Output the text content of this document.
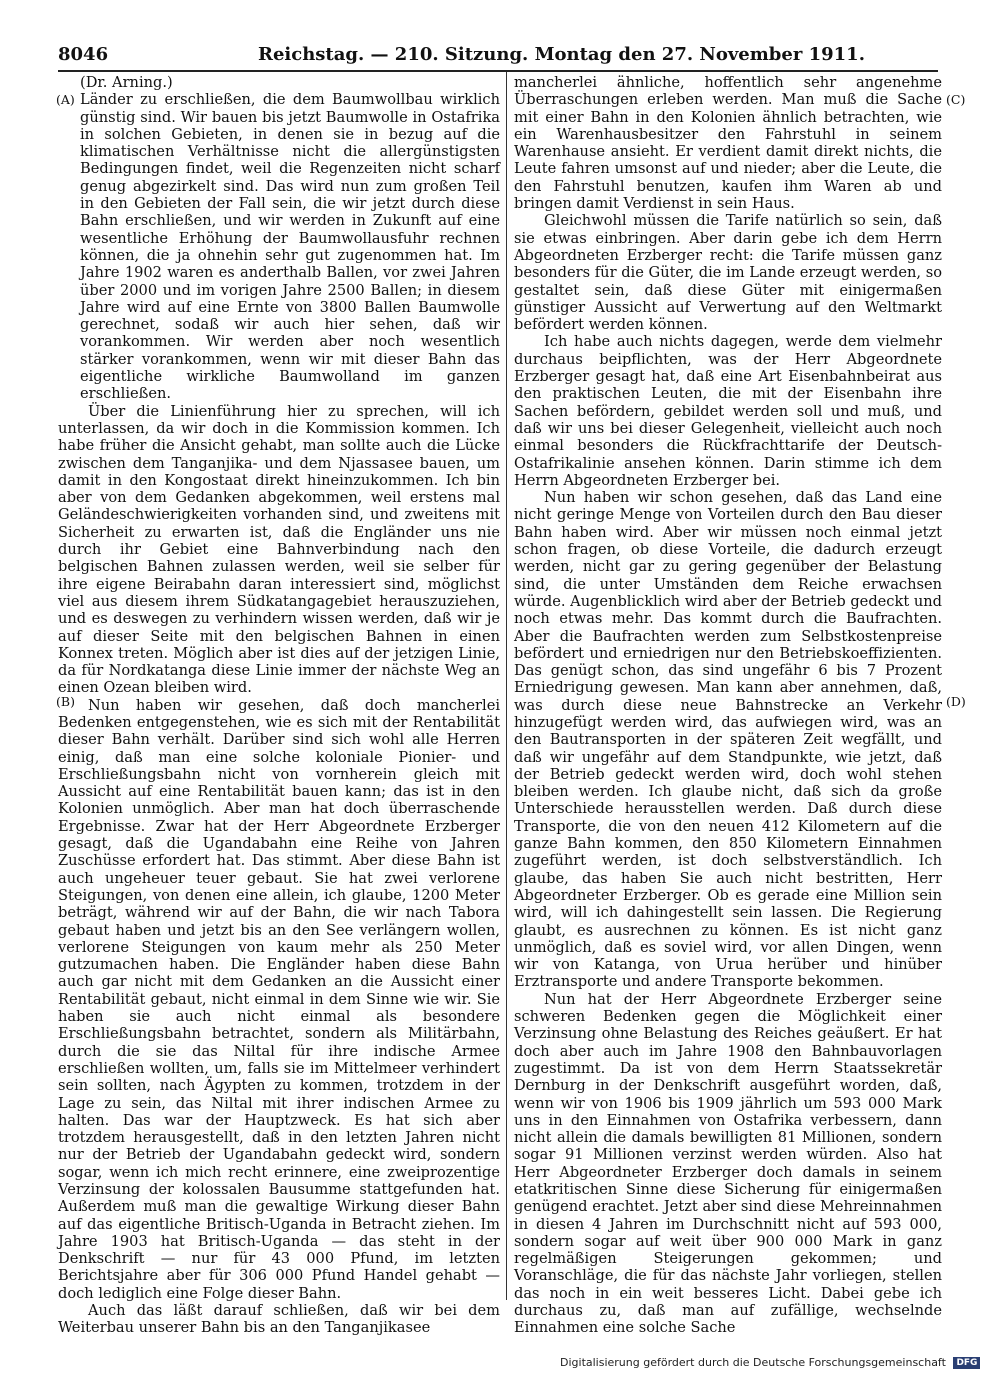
8046	Reichstag. — 210. Sitzung. Montag den 27. November 1911.
(A)
(B)
(C)
(D)
(Dr. Arning.)

Länder zu erschließen, die dem Baumwollbau wirklich günstig sind. Wir bauen bis jetzt Baumwolle in Ostafrika in solchen Gebieten, in denen sie in bezug auf die klimatischen Verhältnisse nicht die allergünstigsten Bedingungen findet, weil die Regenzeiten nicht scharf genug abgezirkelt sind. Das wird nun zum großen Teil in den Gebieten der Fall sein, die wir jetzt durch diese Bahn erschließen, und wir werden in Zukunft auf eine wesentliche Erhöhung der Baumwollausfuhr rechnen können, die ja ohnehin sehr gut zugenommen hat. Im Jahre 1902 waren es anderthalb Ballen, vor zwei Jahren über 2000 und im vorigen Jahre 2500 Ballen; in diesem Jahre wird auf eine Ernte von 3800 Ballen Baumwolle gerechnet, sodaß wir auch hier sehen, daß wir vorankommen. Wir werden aber noch wesentlich stärker vorankommen, wenn wir mit dieser Bahn das eigentliche wirkliche Baumwolland im ganzen erschließen.

Über die Linienführung hier zu sprechen, will ich unterlassen, da wir doch in die Kommission kommen. Ich habe früher die Ansicht gehabt, man sollte auch die Lücke zwischen dem Tanganjika- und dem Njassasee bauen, um damit in den Kongostaat direkt hineinzukommen. Ich bin aber von dem Gedanken abgekommen, weil erstens mal Geländeschwierigkeiten vorhanden sind, und zweitens mit Sicherheit zu erwarten ist, daß die Engländer uns nie durch ihr Gebiet eine Bahnverbindung nach den belgischen Bahnen zulassen werden, weil sie selber für ihre eigene Beirabahn daran interessiert sind, möglichst viel aus diesem ihrem Südkatangagebiet herauszuziehen, und es deswegen zu verhindern wissen werden, daß wir je auf dieser Seite mit den belgischen Bahnen in einen Konnex treten. Möglich aber ist dies auf der jetzigen Linie, da für Nordkatanga diese Linie immer der nächste Weg an einen Ozean bleiben wird.

Nun haben wir gesehen, daß doch mancherlei Bedenken entgegenstehen, wie es sich mit der Rentabilität dieser Bahn verhält. Darüber sind sich wohl alle Herren einig, daß man eine solche koloniale Pionier- und Erschließungsbahn nicht von vornherein gleich mit Aussicht auf eine Rentabilität bauen kann; das ist in den Kolonien unmöglich. Aber man hat doch überraschende Ergebnisse. Zwar hat der Herr Abgeordnete Erzberger gesagt, daß die Ugandabahn eine Reihe von Jahren Zuschüsse erfordert hat. Das stimmt. Aber diese Bahn ist auch ungeheuer teuer gebaut. Sie hat zwei verlorene Steigungen, von denen eine allein, ich glaube, 1200 Meter beträgt, während wir auf der Bahn, die wir nach Tabora gebaut haben und jetzt bis an den See verlängern wollen, verlorene Steigungen von kaum mehr als 250 Meter gutzumachen haben. Die Engländer haben diese Bahn auch gar nicht mit dem Gedanken an die Aussicht einer Rentabilität gebaut, nicht einmal in dem Sinne wie wir. Sie haben sie auch nicht einmal als besondere Erschließungsbahn betrachtet, sondern als Militärbahn, durch die sie das Niltal für ihre indische Armee erschließen wollten, um, falls sie im Mittelmeer verhindert sein sollten, nach Ägypten zu kommen, trotzdem in der Lage zu sein, das Niltal mit ihrer indischen Armee zu halten. Das war der Hauptzweck. Es hat sich aber trotzdem herausgestellt, daß in den letzten Jahren nicht nur der Betrieb der Ugandabahn gedeckt wird, sondern sogar, wenn ich mich recht erinnere, eine zweiprozentige Verzinsung der kolossalen Bausumme stattgefunden hat. Außerdem muß man die gewaltige Wirkung dieser Bahn auf das eigentliche Britisch-Uganda in Betracht ziehen. Im Jahre 1903 hat Britisch-Uganda — das steht in der Denkschrift — nur für 43 000 Pfund, im letzten Berichtsjahre aber für 306 000 Pfund Handel gehabt — doch lediglich eine Folge dieser Bahn.

Auch das läßt darauf schließen, daß wir bei dem Weiterbau unserer Bahn bis an den Tanganjikasee

mancherlei ähnliche, hoffentlich sehr angenehme Überraschungen erleben werden. Man muß die Sache mit einer Bahn in den Kolonien ähnlich betrachten, wie ein Warenhausbesitzer den Fahrstuhl in seinem Warenhause ansieht. Er verdient damit direkt nichts, die Leute fahren umsonst auf und nieder; aber die Leute, die den Fahrstuhl benutzen, kaufen ihm Waren ab und bringen damit Verdienst in sein Haus.

Gleichwohl müssen die Tarife natürlich so sein, daß sie etwas einbringen. Aber darin gebe ich dem Herrn Abgeordneten Erzberger recht: die Tarife müssen ganz besonders für die Güter, die im Lande erzeugt werden, so gestaltet sein, daß diese Güter mit einigermaßen günstiger Aussicht auf Verwertung auf den Weltmarkt befördert werden können.

Ich habe auch nichts dagegen, werde dem vielmehr durchaus beipflichten, was der Herr Abgeordnete Erzberger gesagt hat, daß eine Art Eisenbahnbeirat aus den praktischen Leuten, die mit der Eisenbahn ihre Sachen befördern, gebildet werden soll und muß, und daß wir uns bei dieser Gelegenheit, vielleicht auch noch einmal besonders die Rückfrachttarife der Deutsch-Ostafrikalinie ansehen können. Darin stimme ich dem Herrn Abgeordneten Erzberger bei.

Nun haben wir schon gesehen, daß das Land eine nicht geringe Menge von Vorteilen durch den Bau dieser Bahn haben wird. Aber wir müssen noch einmal jetzt schon fragen, ob diese Vorteile, die dadurch erzeugt werden, nicht gar zu gering gegenüber der Belastung sind, die unter Umständen dem Reiche erwachsen würde. Augenblicklich wird aber der Betrieb gedeckt und noch etwas mehr. Das kommt durch die Baufrachten. Aber die Baufrachten werden zum Selbstkostenpreise befördert und erniedrigen nur den Betriebskoeffizienten. Das genügt schon, das sind ungefähr 6 bis 7 Prozent Erniedrigung gewesen. Man kann aber annehmen, daß, was durch diese neue Bahnstrecke an Verkehr hinzugefügt werden wird, das aufwiegen wird, was an den Bautransporten in der späteren Zeit wegfällt, und daß wir ungefähr auf dem Standpunkte, wie jetzt, daß der Betrieb gedeckt werden wird, doch wohl stehen bleiben werden. Ich glaube nicht, daß sich da große Unterschiede herausstellen werden. Daß durch diese Transporte, die von den neuen 412 Kilometern auf die ganze Bahn kommen, den 850 Kilometern Einnahmen zugeführt werden, ist doch selbstverständlich. Ich glaube, das haben Sie auch nicht bestritten, Herr Abgeordneter Erzberger. Ob es gerade eine Million sein wird, will ich dahingestellt sein lassen. Die Regierung glaubt, es ausrechnen zu können. Es ist nicht ganz unmöglich, daß es soviel wird, vor allen Dingen, wenn wir von Katanga, von Urua herüber und hinüber Erztransporte und andere Transporte bekommen.

Nun hat der Herr Abgeordnete Erzberger seine schweren Bedenken gegen die Möglichkeit einer Verzinsung ohne Belastung des Reiches geäußert. Er hat doch aber auch im Jahre 1908 den Bahnbauvorlagen zugestimmt. Da ist von dem Herrn Staatssekretär Dernburg in der Denkschrift ausgeführt worden, daß, wenn wir von 1906 bis 1909 jährlich um 593 000 Mark uns in den Einnahmen von Ostafrika verbessern, dann nicht allein die damals bewilligten 81 Millionen, sondern sogar 91 Millionen verzinst werden würden. Also hat Herr Abgeordneter Erzberger doch damals in seinem etatkritischen Sinne diese Sicherung für einigermaßen genügend erachtet. Jetzt aber sind diese Mehreinnahmen in diesen 4 Jahren im Durchschnitt nicht auf 593 000, sondern sogar auf weit über 900 000 Mark in ganz regelmäßigen Steigerungen gekommen; und Voranschläge, die für das nächste Jahr vorliegen, stellen das noch in ein weit besseres Licht. Dabei gebe ich durchaus zu, daß man auf zufällige, wechselnde Einnahmen eine solche Sache

Digitalisierung gefördert durch die Deutsche Forschungsgemeinschaft DFG
